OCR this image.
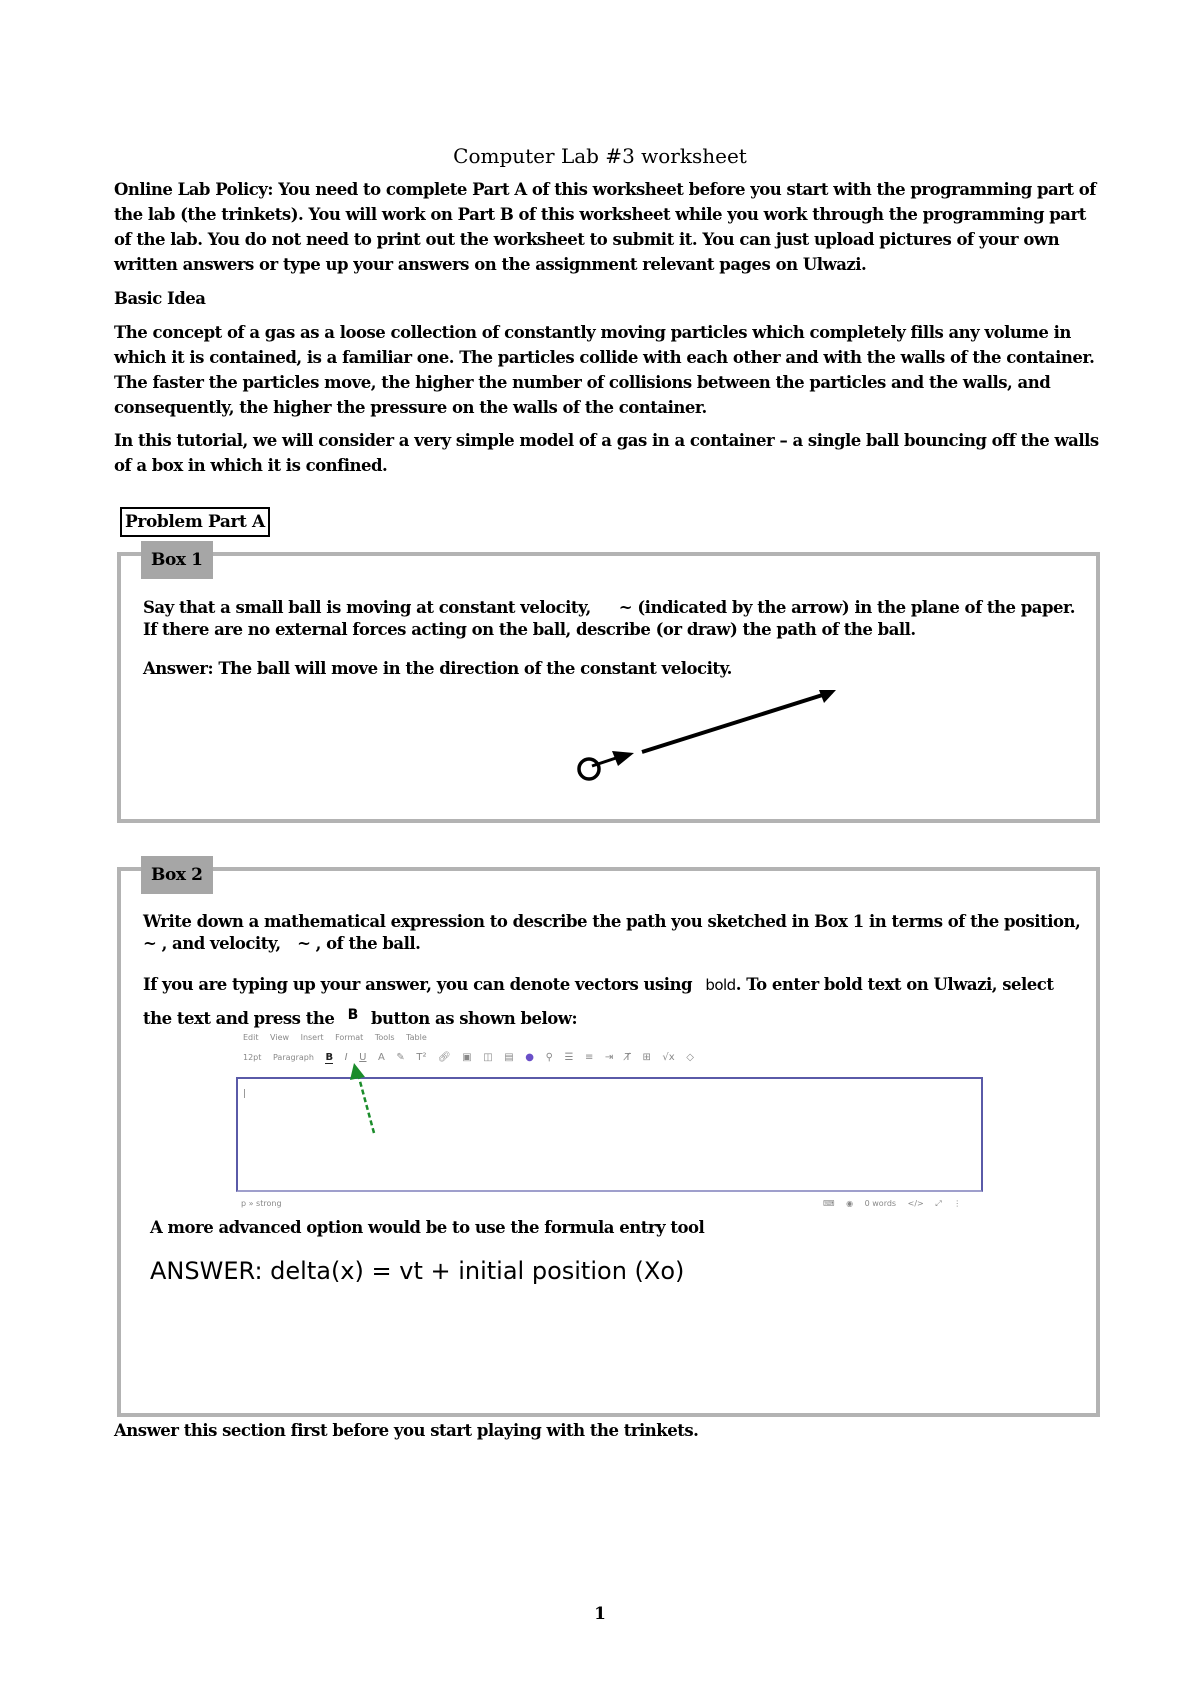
Computer Lab #3 worksheet
Online Lab Policy: You need to complete Part A of this worksheet before you start with the programming part of the lab (the trinkets). You will work on Part B of this worksheet while you work through the programming part of the lab. You do not need to print out the worksheet to submit it. You can just upload pictures of your own written answers or type up your answers on the assignment relevant pages on Ulwazi.
Basic Idea
The concept of a gas as a loose collection of constantly moving particles which completely fills any volume in which it is contained, is a familiar one. The particles collide with each other and with the walls of the container. The faster the particles move, the higher the number of collisions between the particles and the walls, and consequently, the higher the pressure on the walls of the container.
In this tutorial, we will consider a very simple model of a gas in a container – a single ball bouncing off the walls of a box in which it is confined.
Problem Part A
Box 1
Say that a small ball is moving at constant velocity, ~ (indicated by the arrow) in the plane of the paper.
If there are no external forces acting on the ball, describe (or draw) the path of the ball.
Answer: The ball will move in the direction of the constant velocity.
Box 2
Write down a mathematical expression to describe the path you sketched in Box 1 in terms of the position,
~ , and velocity, ~ , of the ball.
If you are typing up your answer, you can denote vectors using bold. To enter bold text on Ulwazi, select
the text and press the $^B$ button as shown below:
Edit View Insert Format Tools Table
12pt Paragraph B I U A ✎ T² 🔗︎ ▣ ◫ ▤ ● ⚲ ☰ ≡ ⇥ T̸ ⊞ √x ◇
p » strong	⌨ ◉ 0 words </> ⤢ ⋮
A more advanced option would be to use the formula entry tool
ANSWER: delta(x) = vt + initial position (Xo)
Answer this section first before you start playing with the trinkets.
1
